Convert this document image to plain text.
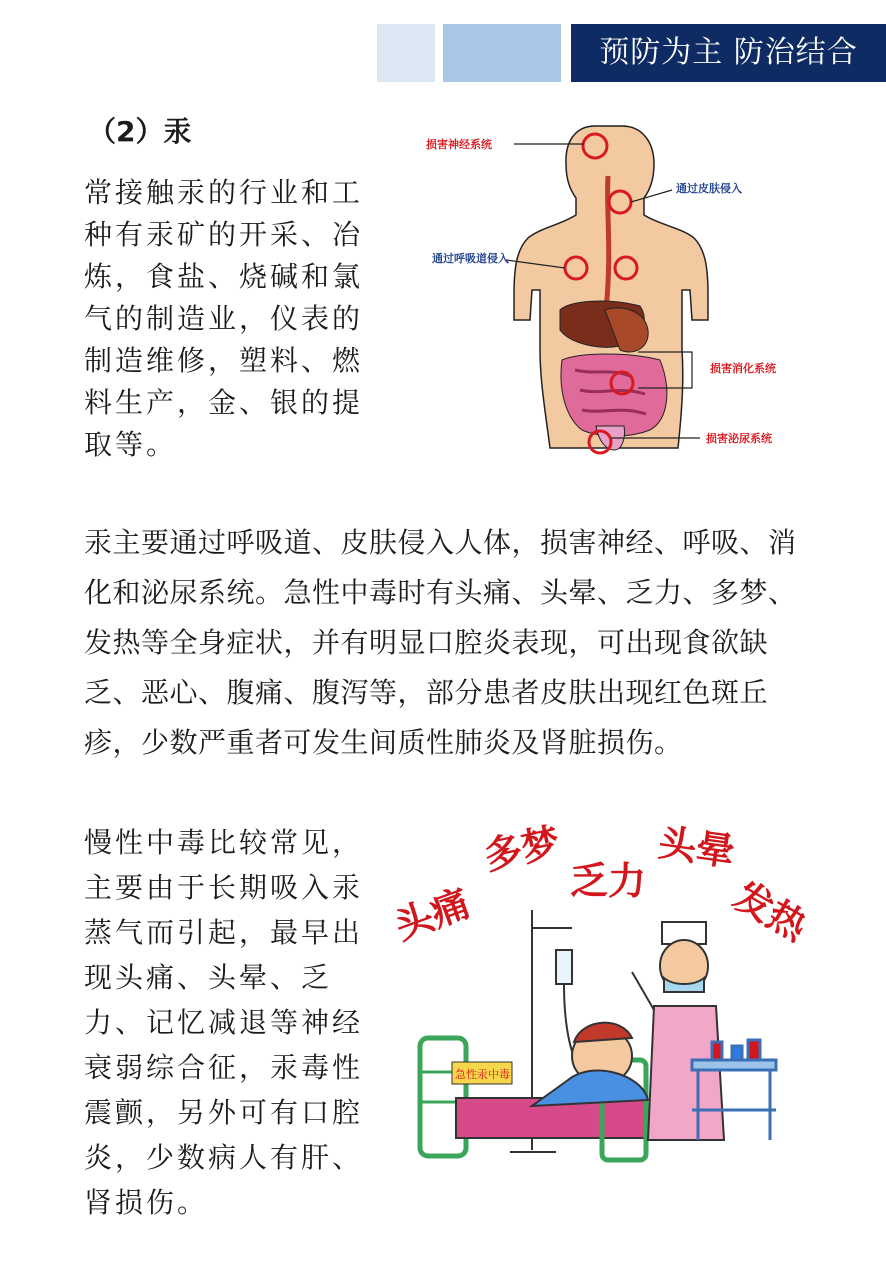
预防为主 防治结合
（2）汞
常接触汞的行业和工种有汞矿的开采、冶炼，食盐、烧碱和氯气的制造业，仪表的制造维修，塑料、燃料生产，金、银的提取等。
损害神经系统
通过皮肤侵入
通过呼吸道侵入
损害消化系统
损害泌尿系统
汞主要通过呼吸道、皮肤侵入人体，损害神经、呼吸、消化和泌尿系统。急性中毒时有头痛、头晕、乏力、多梦、发热等全身症状，并有明显口腔炎表现，可出现食欲缺乏、恶心、腹痛、腹泻等，部分患者皮肤出现红色斑丘疹，少数严重者可发生间质性肺炎及肾脏损伤。
慢性中毒比较常见，主要由于长期吸入汞蒸气而引起，最早出现头痛、头晕、乏力、记忆减退等神经衰弱综合征，汞毒性震颤，另外可有口腔炎，少数病人有肝、肾损伤。
头痛
多梦
乏力
头晕
发热
急性汞中毒
